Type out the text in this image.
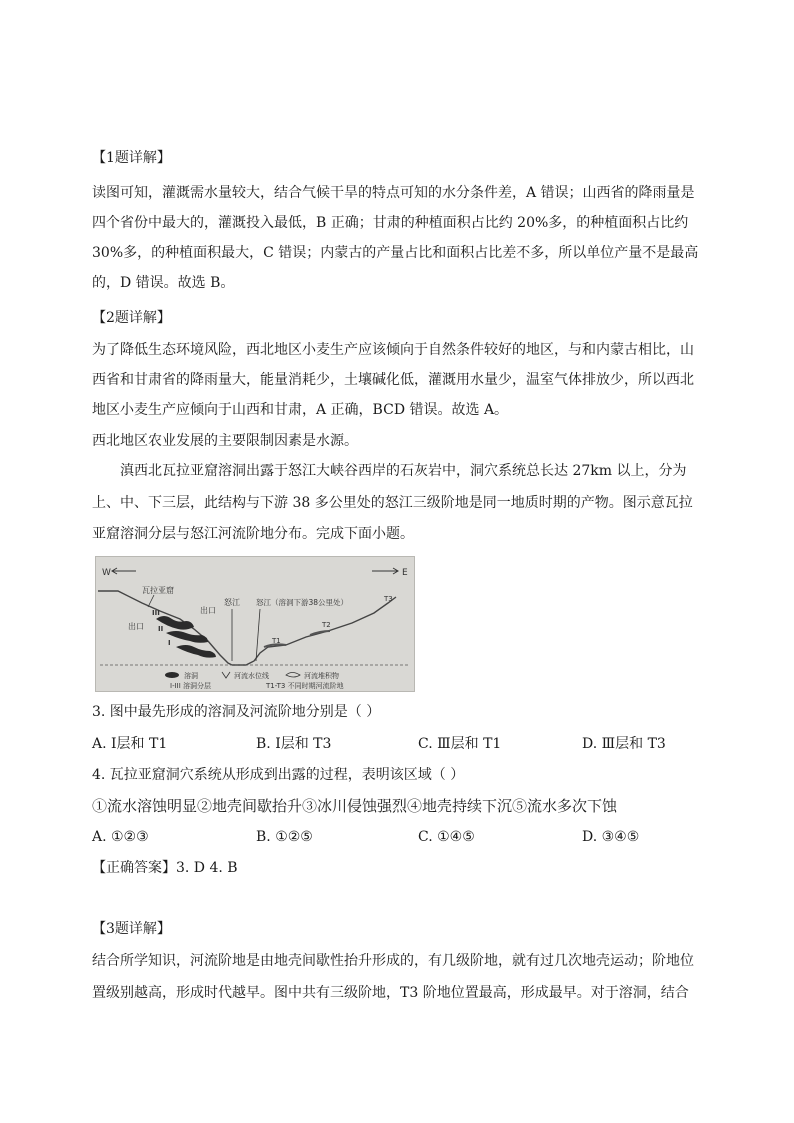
【1题详解】
读图可知，灌溉需水量较大，结合气候干旱的特点可知的水分条件差，A 错误；山西省的降雨量是
四个省份中最大的，灌溉投入最低，B 正确；甘肃的种植面积占比约 20%多，的种植面积占比约
30%多，的种植面积最大，C 错误；内蒙古的产量占比和面积占比差不多，所以单位产量不是最高
的，D 错误。故选 B。
【2题详解】
为了降低生态环境风险，西北地区小麦生产应该倾向于自然条件较好的地区，与和内蒙古相比，山
西省和甘肃省的降雨量大，能量消耗少，土壤碱化低，灌溉用水量少，温室气体排放少，所以西北
地区小麦生产应倾向于山西和甘肃，A 正确，BCD 错误。故选 A。
西北地区农业发展的主要限制因素是水源。
滇西北瓦拉亚窟溶洞出露于怒江大峡谷西岸的石灰岩中，洞穴系统总长达 27km 以上，分为
上、中、下三层，此结构与下游 38 多公里处的怒江三级阶地是同一地质时期的产物。图示意瓦拉
亚窟溶洞分层与怒江河流阶地分布。完成下面小题。
W	E
瓦拉亚窟
III
II
I
出口
出口
怒江 怒江（溶洞下游38公里处）	T3
T2
T1
溶洞	河流水位线	河流堆积物
I-III 溶洞分层	T1-T3 不同时期河流阶地
3. 图中最先形成的溶洞及河流阶地分别是（ ）
A. Ⅰ层和 T1	B. Ⅰ层和 T3	C. Ⅲ层和 T1	D. Ⅲ层和 T3
4. 瓦拉亚窟洞穴系统从形成到出露的过程，表明该区域（ ）
①流水溶蚀明显②地壳间歇抬升③冰川侵蚀强烈④地壳持续下沉⑤流水多次下蚀
A. ①②③	B. ①②⑤	C. ①④⑤	D. ③④⑤
【正确答案】3. D 4. B
【3题详解】
结合所学知识，河流阶地是由地壳间歇性抬升形成的，有几级阶地，就有过几次地壳运动；阶地位
置级别越高，形成时代越早。图中共有三级阶地，T3 阶地位置最高，形成最早。对于溶洞，结合
